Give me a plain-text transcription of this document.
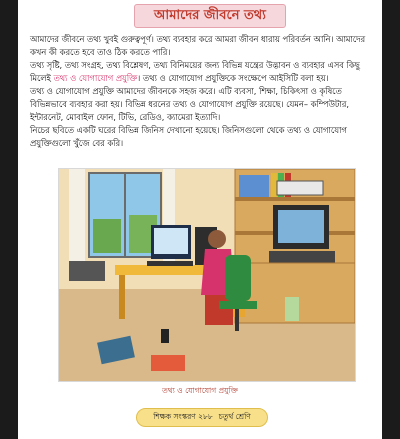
আমাদের জীবনে তথ্য

আমাদের জীবনে তথ্য খুবই গুরুত্বপূর্ণ। তথ্য ব্যবহার করে আমরা জীবন ধারায় পরিবর্তন আনি। আমাদের কখন কী করতে হবে তাও ঠিক করতে পারি।

তথ্য সৃষ্টি, তথ্য সংগ্রহ, তথ্য বিশ্লেষণ, তথ্য বিনিময়ের জন্য বিভিন্ন যন্ত্রের উদ্ভাবন ও ব্যবহার এসব কিছু মিলেই তথ্য ও যোগাযোগ প্রযুক্তি। তথ্য ও যোগাযোগ প্রযুক্তিকে সংক্ষেপে আইসিটি বলা হয়।

তথ্য ও যোগাযোগ প্রযুক্তি আমাদের জীবনকে সহজ করে। এটি ব্যবসা, শিক্ষা, চিকিৎসা ও কৃষিতে বিভিন্নভাবে ব্যবহার করা হয়। বিভিন্ন ধরনের তথ্য ও যোগাযোগ প্রযুক্তি রয়েছে। যেমন– কম্পিউটার, ইন্টারনেট, মোবাইল ফোন, টিভি, রেডিও, ক্যামেরা ইত্যাদি।

নিচের ছবিতে একটি ঘরের বিভিন্ন জিনিস দেখানো হয়েছে। জিনিসগুলো থেকে তথ্য ও যোগাযোগ প্রযুক্তিগুলো খুঁজে বের করি।

তথ্য ও যোগাযোগ প্রযুক্তি
শিক্ষক সংস্করণ ২৮৮ চতুর্থ শ্রেণি
